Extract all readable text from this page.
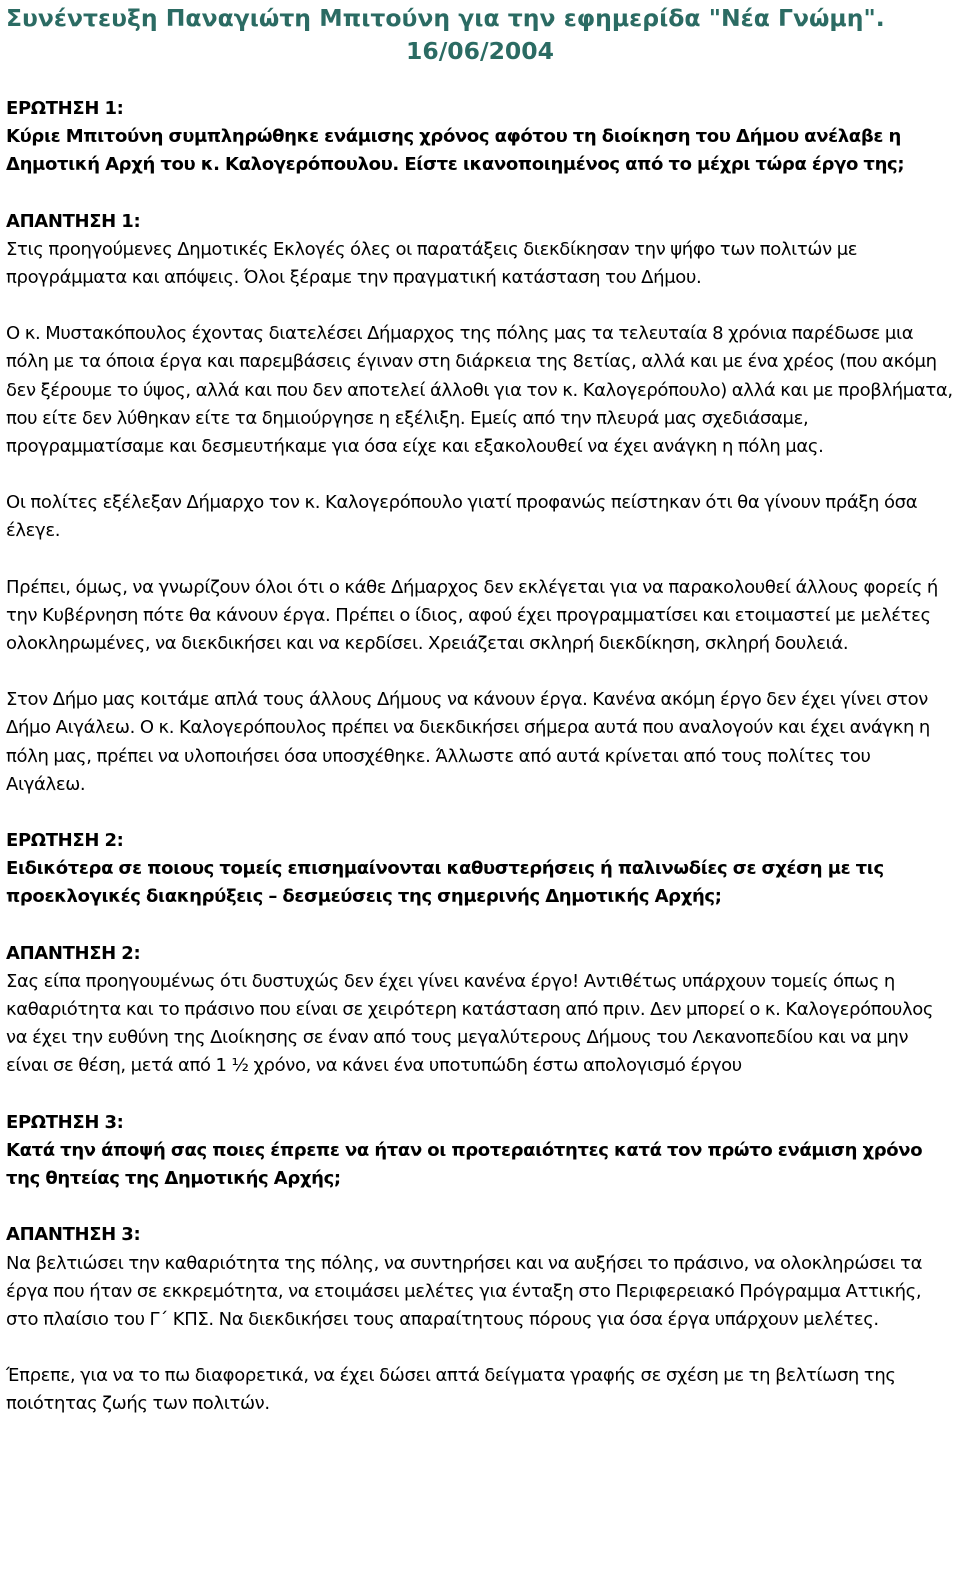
Συνέντευξη Παναγιώτη Μπιτούνη για την εφημερίδα "Νέα Γνώμη".
16/06/2004

ΕΡΩΤΗΣΗ 1:
Κύριε Μπιτούνη συμπληρώθηκε ενάμισης χρόνος αφότου τη διοίκηση του Δήμου ανέλαβε η Δημοτική Αρχή του κ. Καλογερόπουλου. Είστε ικανοποιημένος από το μέχρι τώρα έργο της;

ΑΠΑΝΤΗΣΗ 1:

Στις προηγούμενες Δημοτικές Εκλογές όλες οι παρατάξεις διεκδίκησαν την ψήφο των πολιτών με προγράμματα και απόψεις. Όλοι ξέραμε την πραγματική κατάσταση του Δήμου.

Ο κ. Μυστακόπουλος έχοντας διατελέσει Δήμαρχος της πόλης μας τα τελευταία 8 χρόνια παρέδωσε μια πόλη με τα όποια έργα και παρεμβάσεις έγιναν στη διάρκεια της 8ετίας, αλλά και με ένα χρέος (που ακόμη δεν ξέρουμε το ύψος, αλλά και που δεν αποτελεί άλλοθι για τον κ. Καλογερόπουλο) αλλά και με προβλήματα, που είτε δεν λύθηκαν είτε τα δημιούργησε η εξέλιξη. Εμείς από την πλευρά μας σχεδιάσαμε, προγραμματίσαμε και δεσμευτήκαμε για όσα είχε και εξακολουθεί να έχει ανάγκη η πόλη μας.

Οι πολίτες εξέλεξαν Δήμαρχο τον κ. Καλογερόπουλο γιατί προφανώς πείστηκαν ότι θα γίνουν πράξη όσα έλεγε.

Πρέπει, όμως, να γνωρίζουν όλοι ότι ο κάθε Δήμαρχος δεν εκλέγεται για να παρακολουθεί άλλους φορείς ή την Κυβέρνηση πότε θα κάνουν έργα. Πρέπει ο ίδιος, αφού έχει προγραμματίσει και ετοιμαστεί με μελέτες ολοκληρωμένες, να διεκδικήσει και να κερδίσει. Χρειάζεται σκληρή διεκδίκηση, σκληρή δουλειά.

Στον Δήμο μας κοιτάμε απλά τους άλλους Δήμους να κάνουν έργα. Κανένα ακόμη έργο δεν έχει γίνει στον Δήμο Αιγάλεω. Ο κ. Καλογερόπουλος πρέπει να διεκδικήσει σήμερα αυτά που αναλογούν και έχει ανάγκη η πόλη μας, πρέπει να υλοποιήσει όσα υποσχέθηκε. Άλλωστε από αυτά κρίνεται από τους πολίτες του Αιγάλεω.

ΕΡΩΤΗΣΗ 2:
Ειδικότερα σε ποιους τομείς επισημαίνονται καθυστερήσεις ή παλινωδίες σε σχέση με τις προεκλογικές διακηρύξεις – δεσμεύσεις της σημερινής Δημοτικής Αρχής;

ΑΠΑΝΤΗΣΗ 2:

Σας είπα προηγουμένως ότι δυστυχώς δεν έχει γίνει κανένα έργο! Αντιθέτως υπάρχουν τομείς όπως η καθαριότητα και το πράσινο που είναι σε χειρότερη κατάσταση από πριν. Δεν μπορεί ο κ. Καλογερόπουλος να έχει την ευθύνη της Διοίκησης σε έναν από τους μεγαλύτερους Δήμους του Λεκανοπεδίου και να μην είναι σε θέση, μετά από 1 ½ χρόνο, να κάνει ένα υποτυπώδη έστω απολογισμό έργου

ΕΡΩΤΗΣΗ 3:
Κατά την άποψή σας ποιες έπρεπε να ήταν οι προτεραιότητες κατά τον πρώτο ενάμιση χρόνο της θητείας της Δημοτικής Αρχής;

ΑΠΑΝΤΗΣΗ 3:

Να βελτιώσει την καθαριότητα της πόλης, να συντηρήσει και να αυξήσει το πράσινο, να ολοκληρώσει τα έργα που ήταν σε εκκρεμότητα, να ετοιμάσει μελέτες για ένταξη στο Περιφερειακό Πρόγραμμα Αττικής, στο πλαίσιο του Γ΄ ΚΠΣ. Να διεκδικήσει τους απαραίτητους πόρους για όσα έργα υπάρχουν μελέτες.

Έπρεπε, για να το πω διαφορετικά, να έχει δώσει απτά δείγματα γραφής σε σχέση με τη βελτίωση της ποιότητας ζωής των πολιτών.
